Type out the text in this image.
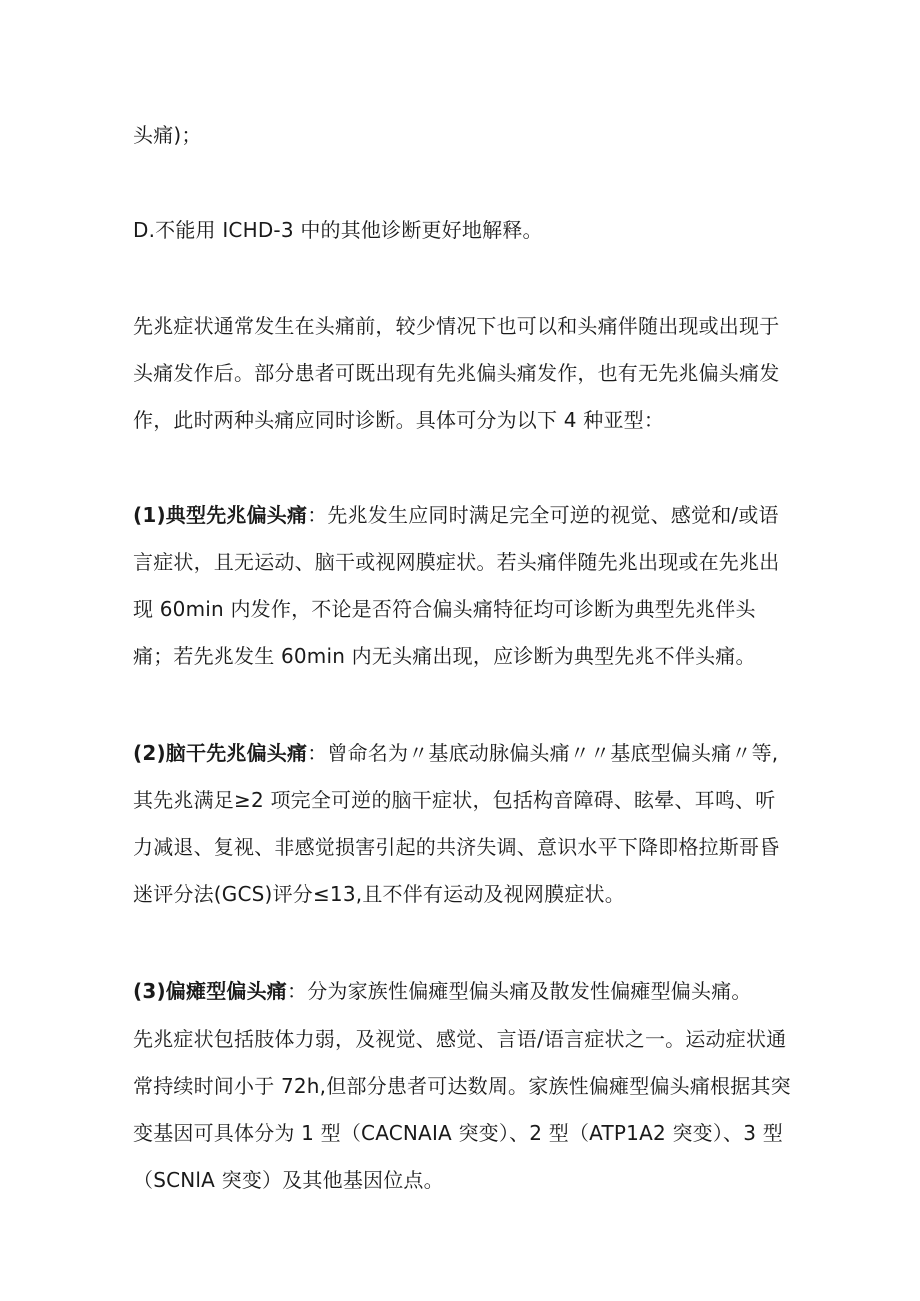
头痛)；

D.不能用 ICHD-3 中的其他诊断更好地解释。

先兆症状通常发生在头痛前，较少情况下也可以和头痛伴随出现或出现于头痛发作后。部分患者可既出现有先兆偏头痛发作，也有无先兆偏头痛发作，此时两种头痛应同时诊断。具体可分为以下 4 种亚型：

(1)典型先兆偏头痛：先兆发生应同时满足完全可逆的视觉、感觉和/或语言症状，且无运动、脑干或视网膜症状。若头痛伴随先兆出现或在先兆出现 60min 内发作，不论是否符合偏头痛特征均可诊断为典型先兆伴头痛；若先兆发生 60min 内无头痛出现，应诊断为典型先兆不伴头痛。

(2)脑干先兆偏头痛：曾命名为〃基底动脉偏头痛〃〃基底型偏头痛〃等,其先兆满足≥2 项完全可逆的脑干症状，包括构音障碍、眩晕、耳鸣、听力减退、复视、非感觉损害引起的共济失调、意识水平下降即格拉斯哥昏迷评分法(GCS)评分≤13,且不伴有运动及视网膜症状。

(3)偏瘫型偏头痛：分为家族性偏瘫型偏头痛及散发性偏瘫型偏头痛。

先兆症状包括肢体力弱，及视觉、感觉、言语/语言症状之一。运动症状通常持续时间小于 72h,但部分患者可达数周。家族性偏瘫型偏头痛根据其突变基因可具体分为 1 型（CACNAIA 突变）、2 型（ATP1A2 突变）、3 型（SCNlA 突变）及其他基因位点。
